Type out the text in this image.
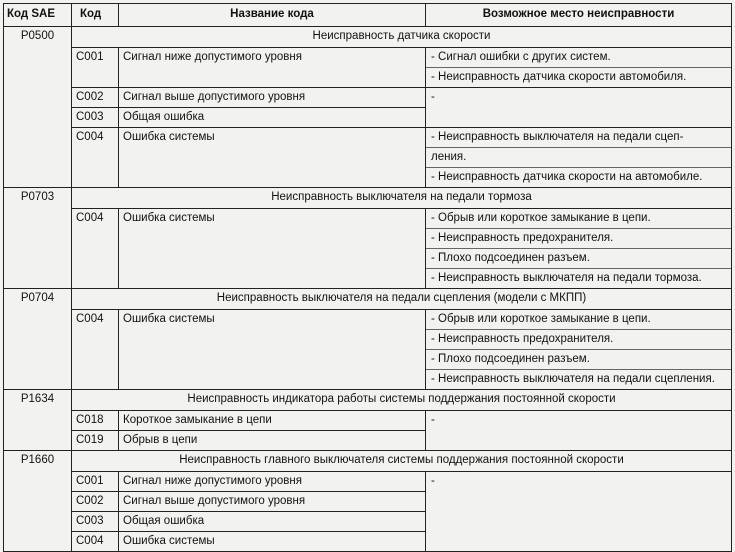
Код SAE	Код	Название кода	Возможное место неисправности
P0500	Неисправность датчика скорости		
	C001	Сигнал ниже допустимого уровня	- Сигнал ошибки с других систем.
- Неисправность датчика скорости автомобиля.

	C002	Сигнал выше допустимого уровня	-

	C003	Общая ошибка	
	C004	Ошибка системы	- Неисправность выключателя на педали сцеп-
ления.
- Неисправность датчика скорости на автомобиле.

P0703	Неисправность выключателя на педали тормоза		
	C004	Ошибка системы	- Обрыв или короткое замыкание в цепи.
- Неисправность предохранителя.
- Плохо подсоединен разъем.
- Неисправность выключателя на педали тормоза.

P0704	Неисправность выключателя на педали сцепления (модели с МКПП)		
	C004	Ошибка системы	- Обрыв или короткое замыкание в цепи.
- Неисправность предохранителя.
- Плохо подсоединен разъем.
- Неисправность выключателя на педали сцепления.

P1634	Неисправность индикатора работы системы поддержания постоянной скорости		
	C018	Короткое замыкание в цепи	-

	C019	Обрыв в цепи	
P1660	Неисправность главного выключателя системы поддержания постоянной скорости		
	C001	Сигнал ниже допустимого уровня	-

	C002	Сигнал выше допустимого уровня	
	C003	Общая ошибка	
	C004	Ошибка системы	
